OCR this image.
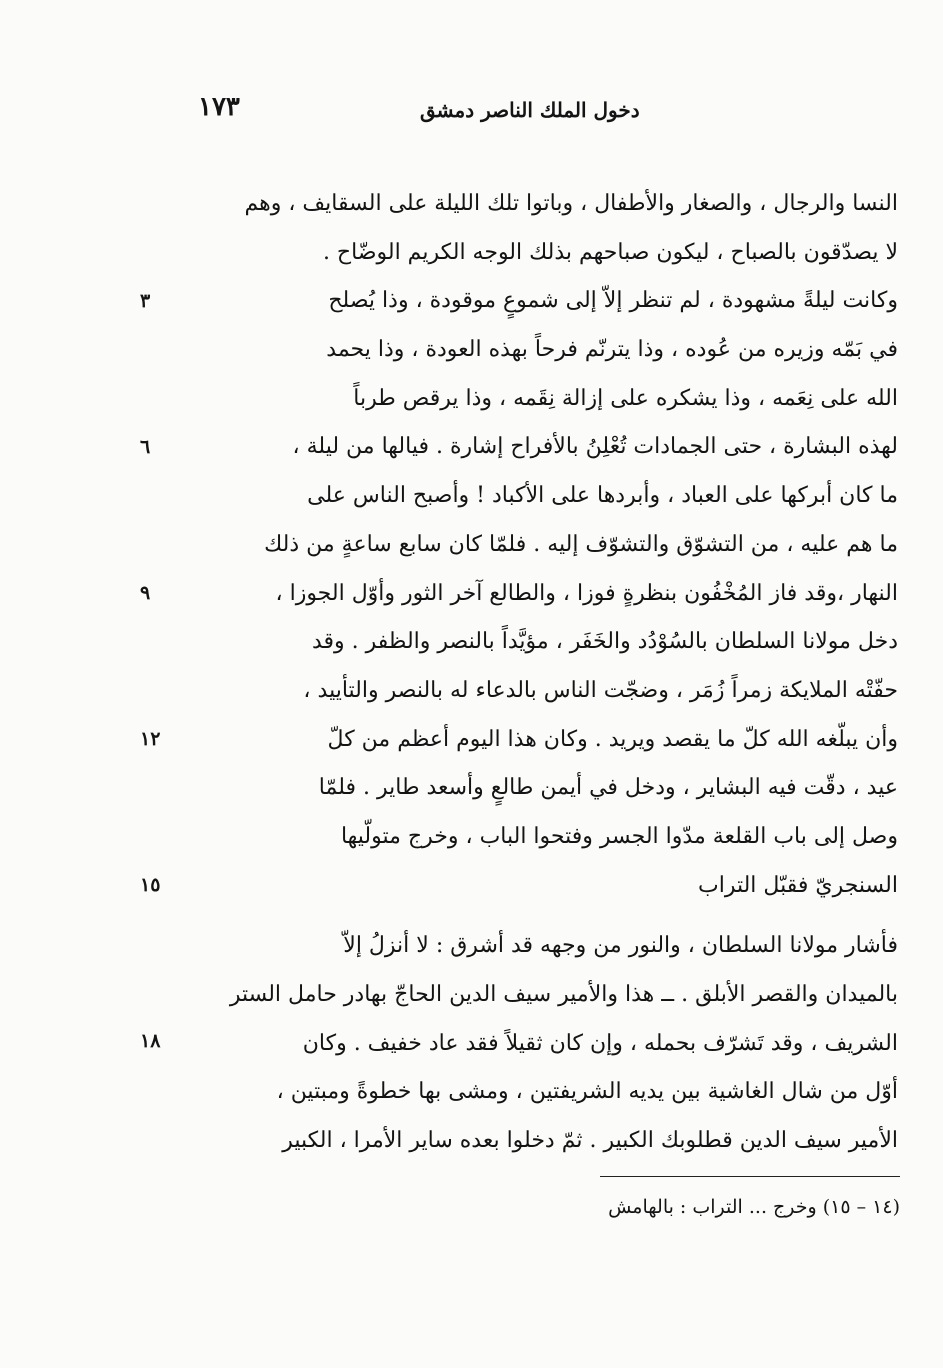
١٧٣	دخول الملك الناصر دمشق
النسا والرجال ، والصغار والأطفال ، وباتوا تلك الليلة على السقايف ، وهم
لا يصدّقون بالصباح ، ليكون صباحهم بذلك الوجه الكريم الوضّاح .
وكانت ليلةً مشهودة ، لم تنظر إلاّ إلى شموعٍ موقودة ، وذا يُصلح
في بَمّه وزيره من عُوده ، وذا يترنّم فرحاً بهذه العودة ، وذا يحمد
الله على نِعَمه ، وذا يشكره على إزالة نِقَمه ، وذا يرقص طرباً
لهذه البشارة ، حتى الجمادات تُعْلِنُ بالأفراح إشارة . فيالها من ليلة ،
ما كان أبركها على العباد ، وأبردها على الأكباد ! وأصبح الناس على
ما هم عليه ، من التشوّق والتشوّف إليه . فلمّا كان سابع ساعةٍ من ذلك
النهار ،وقد فاز المُخْفُون بنظرةٍ فوزا ، والطالع آخر الثور وأوّل الجوزا ،
دخل مولانا السلطان بالسُوْدُد والخَفَر ، مؤيَّداً بالنصر والظفر . وقد
حفّتْه الملايكة زمراً زُمَر ، وضجّت الناس بالدعاء له بالنصر والتأييد ،
وأن يبلّغه الله كلّ ما يقصد ويريد . وكان هذا اليوم أعظم من كلّ
عيد ، دقّت فيه البشاير ، ودخل في أيمن طالعٍ وأسعد طاير . فلمّا
وصل إلى باب القلعة مدّوا الجسر وفتحوا الباب ، وخرج متولّيها
السنجريّ فقبّل التراب
فأشار مولانا السلطان ، والنور من وجهه قد أشرق : لا أنزلُ إلاّ
بالميدان والقصر الأبلق . ــ هذا والأمير سيف الدين الحاجّ بهادر حامل الستر
الشريف ، وقد تَشرّف بحمله ، وإن كان ثقيلاً فقد عاد خفيف . وكان
أوّل من شال الغاشية بين يديه الشريفتين ، ومشى بها خطوةً ومبتين ،
الأمير سيف الدين قطلوبك الكبير . ثمّ دخلوا بعده ساير الأمرا ، الكبير
٣
٦
٩
١٢
١٥
١٨
(١٤ – ١٥) وخرج ... التراب : بالهامش
